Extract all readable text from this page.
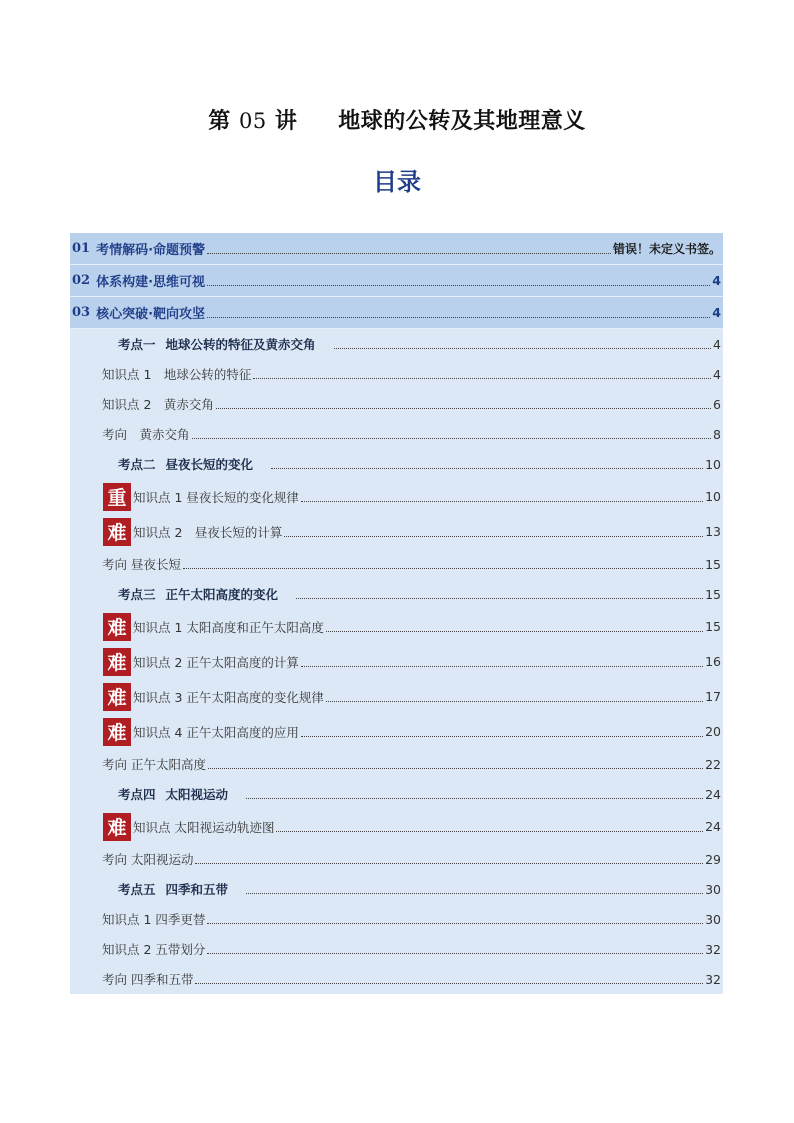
第 05 讲 地球的公转及其地理意义
目录
01 考情解码·命题预警	错误！未定义书签。
02 体系构建·思维可视	4
03 核心突破·靶向攻坚	4
考点一 地球公转的特征及黄赤交角	4
知识点 1　地球公转的特征	4
知识点 2　黄赤交角	6
考向　黄赤交角	8
考点二 昼夜长短的变化	10
重 知识点 1 昼夜长短的变化规律	10
难 知识点 2　昼夜长短的计算	13
考向 昼夜长短	15
考点三 正午太阳高度的变化	15
难 知识点 1 太阳高度和正午太阳高度	15
难 知识点 2 正午太阳高度的计算	16
难 知识点 3 正午太阳高度的变化规律	17
难 知识点 4 正午太阳高度的应用	20
考向 正午太阳高度	22
考点四 太阳视运动	24
难 知识点 太阳视运动轨迹图	24
考向 太阳视运动	29
考点五 四季和五带	30
知识点 1 四季更替	30
知识点 2 五带划分	32
考向 四季和五带	32
